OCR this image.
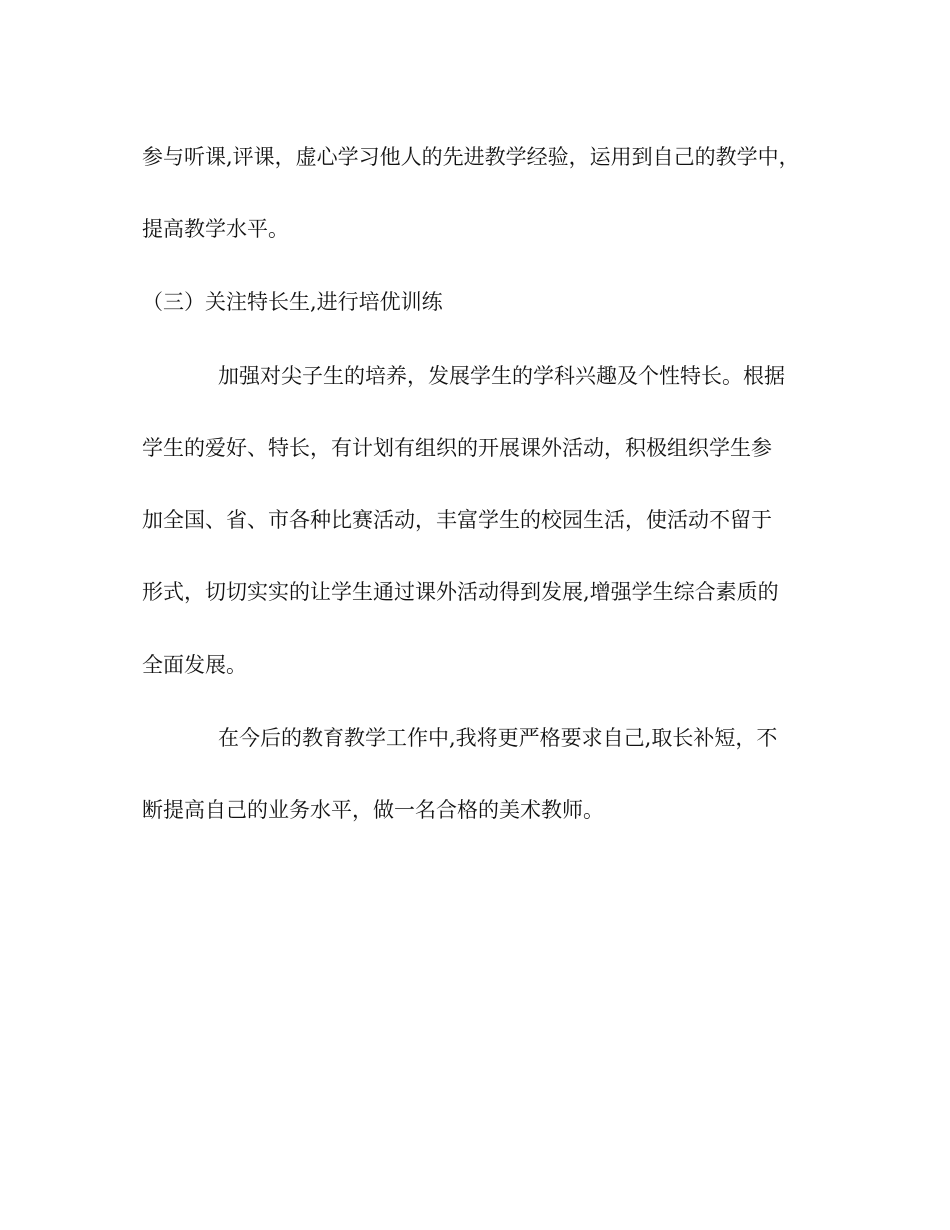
参与听课,评课，虚心学习他人的先进教学经验，运用到自己的教学中，
提高教学水平。
（三）关注特长生,进行培优训练
加强对尖子生的培养，发展学生的学科兴趣及个性特长。根据
学生的爱好、特长，有计划有组织的开展课外活动，积极组织学生参
加全国、省、市各种比赛活动，丰富学生的校园生活，使活动不留于
形式，切切实实的让学生通过课外活动得到发展,增强学生综合素质的
全面发展。
在今后的教育教学工作中,我将更严格要求自己,取长补短，不
断提高自己的业务水平，做一名合格的美术教师。
